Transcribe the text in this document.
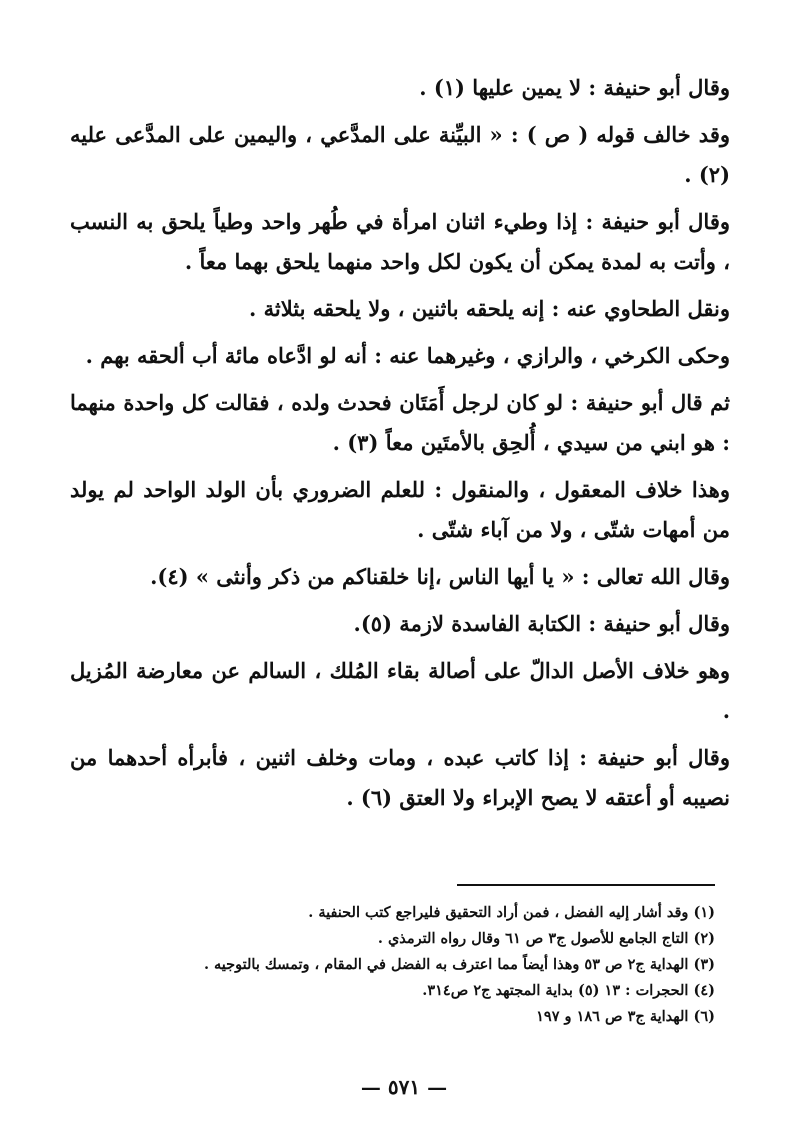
وقال أبو حنيفة : لا يمين عليها (١) .

وقد خالف قوله ( ص ) : « البيِّنة على المدَّعي ، واليمين على المدَّعى عليه (٢) .

وقال أبو حنيفة : إذا وطيء اثنان امرأة في طُهر واحد وطياً يلحق به النسب ، وأتت به لمدة يمكن أن يكون لكل واحد منهما يلحق بهما معاً .

ونقل الطحاوي عنه : إنه يلحقه باثنين ، ولا يلحقه بثلاثة .

وحكى الكرخي ، والرازي ، وغيرهما عنه : أنه لو ادَّعاه مائة أب ألحقه بهم .

ثم قال أبو حنيفة : لو كان لرجل أَمَتَان فحدث ولده ، فقالت كل واحدة منهما : هو ابني من سيدي ، أُلحِق بالأمتَين معاً (٣) .

وهذا خلاف المعقول ، والمنقول : للعلم الضروري بأن الولد الواحد لم يولد من أمهات شتّى ، ولا من آباء شتّى .

وقال الله تعالى : « يا أيها الناس ،إنا خلقناكم من ذكر وأنثى » (٤).

وقال أبو حنيفة : الكتابة الفاسدة لازمة (٥).

وهو خلاف الأصل الدالّ على أصالة بقاء المُلك ، السالم عن معارضة المُزيل .

وقال أبو حنيفة : إذا كاتب عبده ، ومات وخلف اثنين ، فأبرأه أحدهما من نصيبه أو أعتقه لا يصح الإبراء ولا العتق (٦) .

(١) وقد أشار إليه الفضل ، فمن أراد التحقيق فليراجع كتب الحنفية .

(٢) التاج الجامع للأصول ج٣ ص ٦١ وقال رواه الترمذي .

(٣) الهداية ج٢ ص ٥٣ وهذا أيضاً مما اعترف به الفضل في المقام ، وتمسك بالتوجيه .

(٤) الحجرات : ١٣ (٥) بداية المجتهد ج٢ ص٣١٤.

(٦) الهداية ج٣ ص ١٨٦ و ١٩٧

— ٥٧١ —
